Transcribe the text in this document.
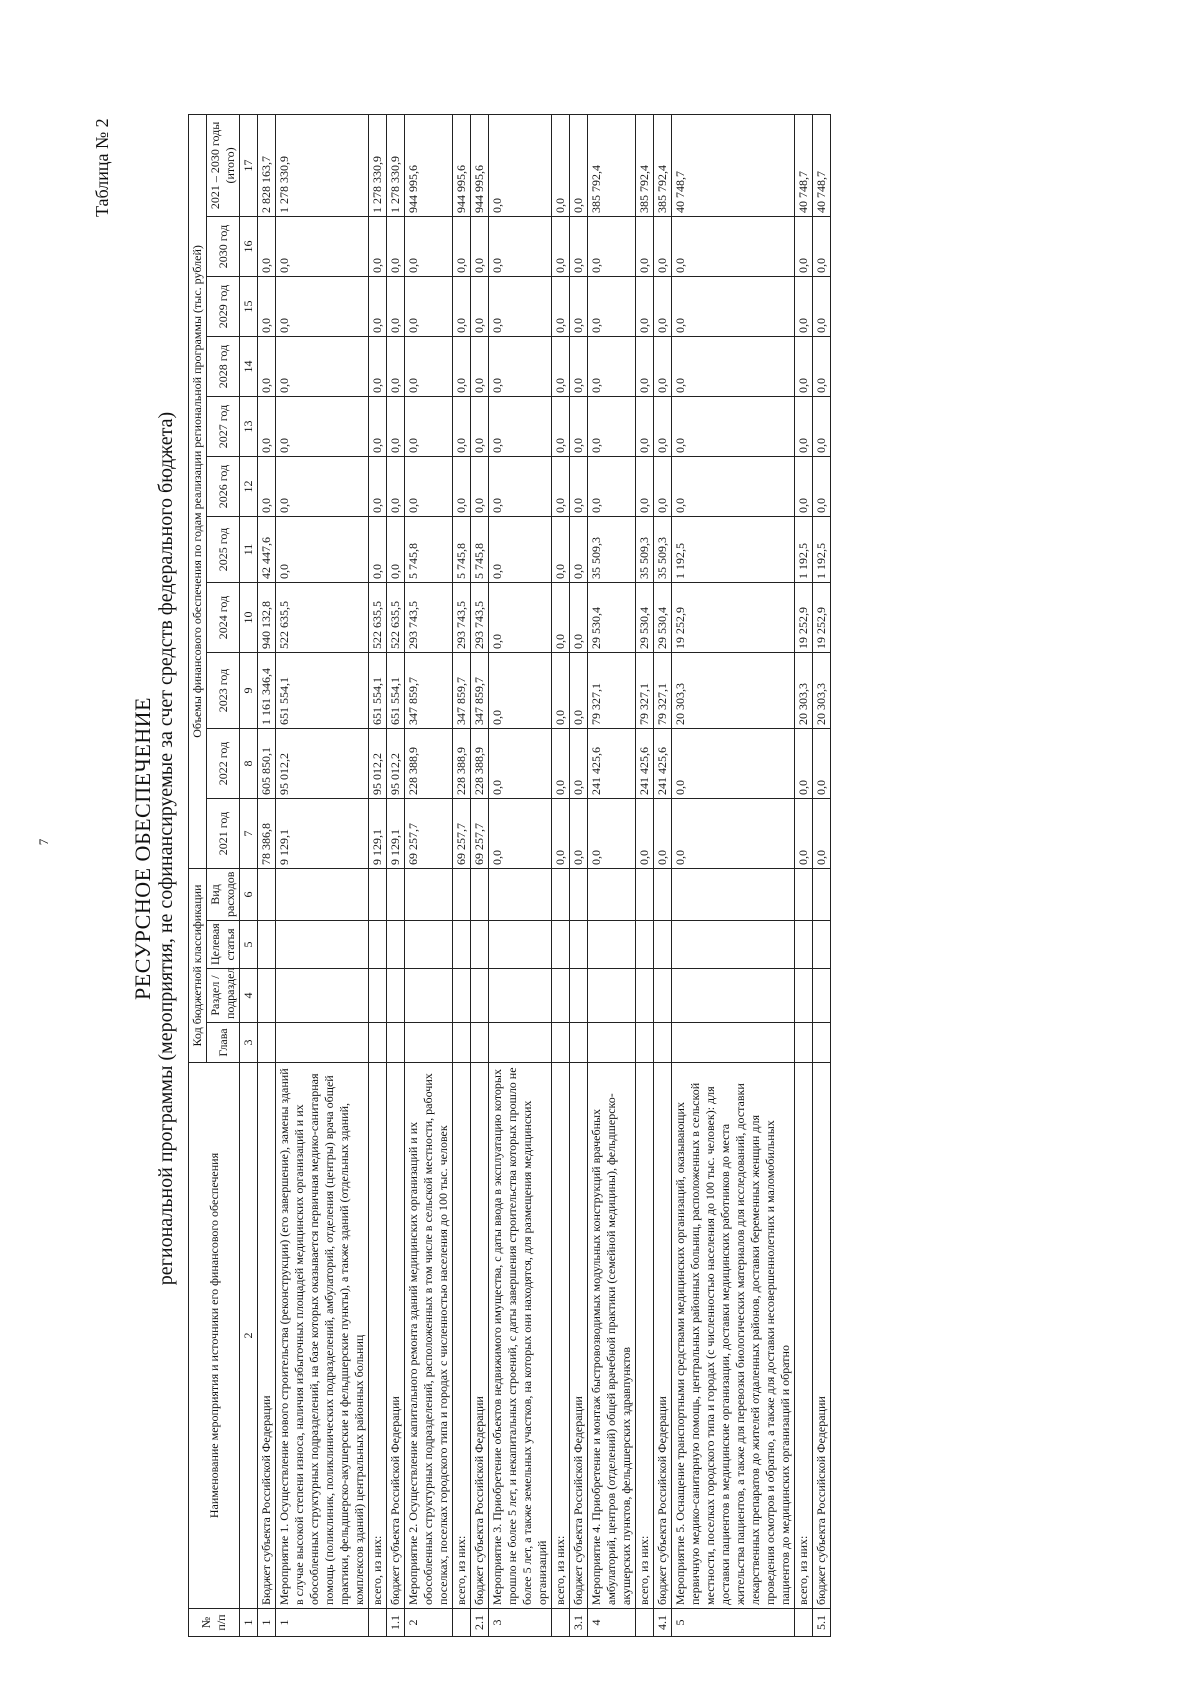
7
Таблица № 2
РЕСУРСНОЕ ОБЕСПЕЧЕНИЕ региональной программы (мероприятия, не софинансируемые за счет средств федерального бюджета)
№ п/п	Наименование мероприятия и источники его финансового обеспечения	Код бюджетной классификации				Объемы финансового обеспечения по годам реализации региональной программы (тыс. рублей)										
		Глава	Раздел / подраздел	Целевая статья	Вид расходов	2021 год	2022 год	2023 год	2024 год	2025 год	2026 год	2027 год	2028 год	2029 год	2030 год	2021 – 2030 годы (итого)
1	2	3	4	5	6	7	8	9	10	11	12	13	14	15	16	17
1	Бюджет субъекта Российской Федерации					78 386,8	605 850,1	1 161 346,4	940 132,8	42 447,6	0,0	0,0	0,0	0,0	0,0	2 828 163,7
1	Мероприятие 1. Осуществление нового строительства (реконструкции) (его завершение), замены зданий в случае высокой степени износа, наличия избыточных площадей медицинских организаций и их обособленных структурных подразделений, на базе которых оказывается первичная медико-санитарная помощь (поликлиник, поликлинических подразделений, амбулаторий, отделения (центры) врача общей практики, фельдшерско-акушерские и фельдшерские пункты), а также зданий (отдельных зданий, комплексов зданий) центральных районных больниц					9 129,1	95 012,2	651 554,1	522 635,5	0,0	0,0	0,0	0,0	0,0	0,0	1 278 330,9
	всего, из них:					9 129,1	95 012,2	651 554,1	522 635,5	0,0	0,0	0,0	0,0	0,0	0,0	1 278 330,9
1.1	бюджет субъекта Российской Федерации					9 129,1	95 012,2	651 554,1	522 635,5	0,0	0,0	0,0	0,0	0,0	0,0	1 278 330,9
2	Мероприятие 2. Осуществление капитального ремонта зданий медицинских организаций и их обособленных структурных подразделений, расположенных в том числе в сельской местности, рабочих поселках, поселках городского типа и городах с численностью населения до 100 тыс. человек					69 257,7	228 388,9	347 859,7	293 743,5	5 745,8	0,0	0,0	0,0	0,0	0,0	944 995,6
	всего, из них:					69 257,7	228 388,9	347 859,7	293 743,5	5 745,8	0,0	0,0	0,0	0,0	0,0	944 995,6
2.1	бюджет субъекта Российской Федерации					69 257,7	228 388,9	347 859,7	293 743,5	5 745,8	0,0	0,0	0,0	0,0	0,0	944 995,6
3	Мероприятие 3. Приобретение объектов недвижимого имущества, с даты ввода в эксплуатацию которых прошло не более 5 лет, и некапитальных строений, с даты завершения строительства которых прошло не более 5 лет, а также земельных участков, на которых они находятся, для размещения медицинских организаций					0,0	0,0	0,0	0,0	0,0	0,0	0,0	0,0	0,0	0,0	0,0
	всего, из них:					0,0	0,0	0,0	0,0	0,0	0,0	0,0	0,0	0,0	0,0	0,0
3.1	бюджет субъекта Российской Федерации					0,0	0,0	0,0	0,0	0,0	0,0	0,0	0,0	0,0	0,0	0,0
4	Мероприятие 4. Приобретение и монтаж быстровозводимых модульных конструкций врачебных амбулаторий, центров (отделений) общей врачебной практики (семейной медицины), фельдшерско-акушерских пунктов, фельдшерских здравпунктов					0,0	241 425,6	79 327,1	29 530,4	35 509,3	0,0	0,0	0,0	0,0	0,0	385 792,4
	всего, из них:					0,0	241 425,6	79 327,1	29 530,4	35 509,3	0,0	0,0	0,0	0,0	0,0	385 792,4
4.1	бюджет субъекта Российской Федерации					0,0	241 425,6	79 327,1	29 530,4	35 509,3	0,0	0,0	0,0	0,0	0,0	385 792,4
5	Мероприятие 5. Оснащение транспортными средствами медицинских организаций, оказывающих первичную медико-санитарную помощь, центральных районных больниц, расположенных в сельской местности, поселках городского типа и городах (с численностью населения до 100 тыс. человек): для доставки пациентов в медицинские организации, доставки медицинских работников до места жительства пациентов, а также для перевозки биологических материалов для исследований, доставки лекарственных препаратов до жителей отдаленных районов, доставки беременных женщин для проведения осмотров и обратно, а также для доставки несовершеннолетних и маломобильных пациентов до медицинских организаций и обратно					0,0	0,0	20 303,3	19 252,9	1 192,5	0,0	0,0	0,0	0,0	0,0	40 748,7
	всего, из них:					0,0	0,0	20 303,3	19 252,9	1 192,5	0,0	0,0	0,0	0,0	0,0	40 748,7
5.1	бюджет субъекта Российской Федерации					0,0	0,0	20 303,3	19 252,9	1 192,5	0,0	0,0	0,0	0,0	0,0	40 748,7
